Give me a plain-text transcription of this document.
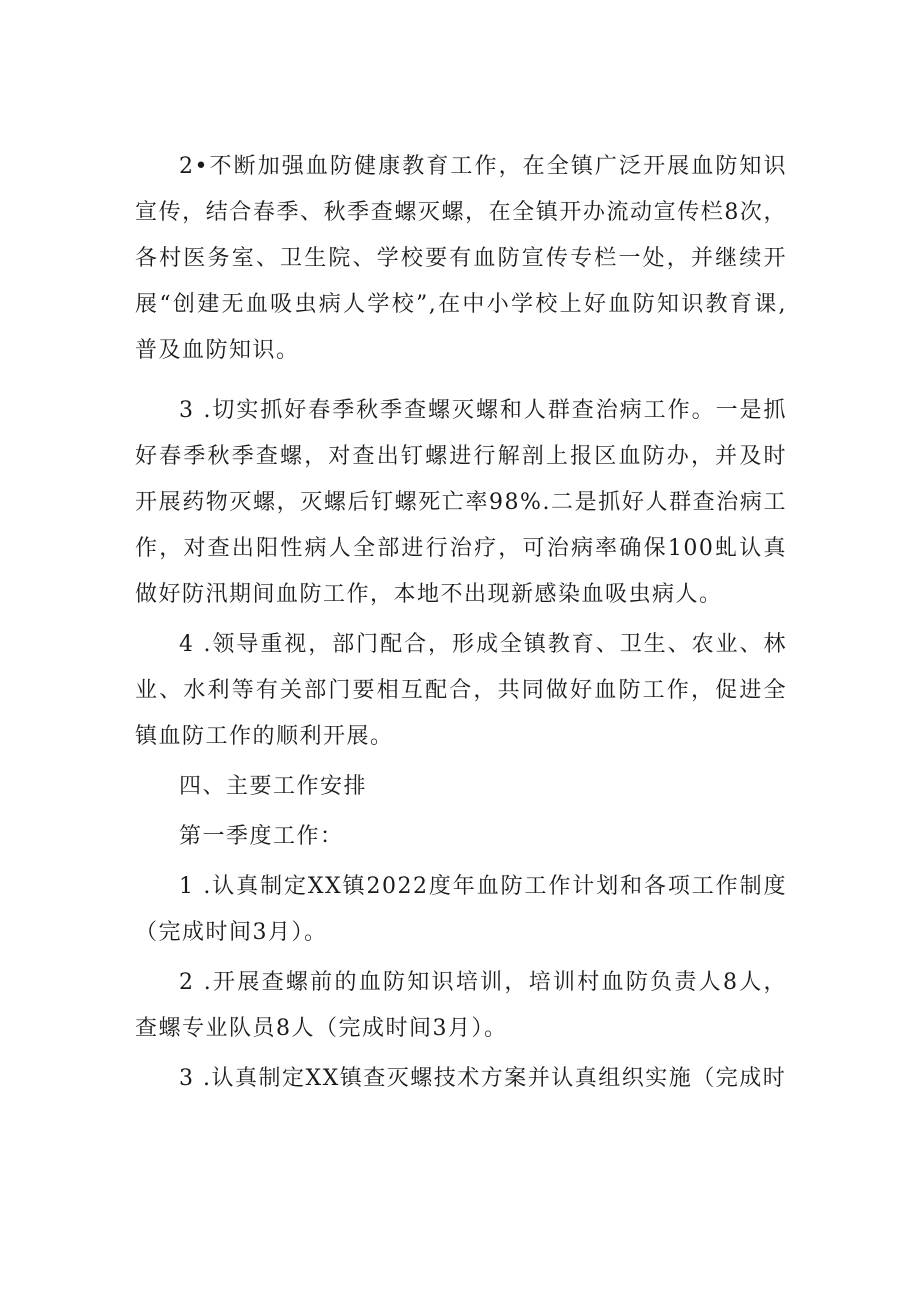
2•不断加强血防健康教育工作，在全镇广泛开展血防知识宣传，结合春季、秋季查螺灭螺，在全镇开办流动宣传栏8次，各村医务室、卫生院、学校要有血防宣传专栏一处，并继续开展“创建无血吸虫病人学校”,在中小学校上好血防知识教育课,普及血防知识。

3 .切实抓好春季秋季查螺灭螺和人群查治病工作。一是抓好春季秋季查螺，对查出钉螺进行解剖上报区血防办，并及时开展药物灭螺，灭螺后钉螺死亡率98%.二是抓好人群查治病工作，对查出阳性病人全部进行治疗，可治病率确保100虬认真做好防汛期间血防工作，本地不出现新感染血吸虫病人。

4 .领导重视，部门配合，形成全镇教育、卫生、农业、林业、水利等有关部门要相互配合，共同做好血防工作，促进全镇血防工作的顺利开展。

四、主要工作安排

第一季度工作：

1 .认真制定XX镇2022度年血防工作计划和各项工作制度（完成时间3月）。

2 .开展查螺前的血防知识培训，培训村血防负责人8人，查螺专业队员8人（完成时间3月）。

3 .认真制定XX镇查灭螺技术方案并认真组织实施（完成时
